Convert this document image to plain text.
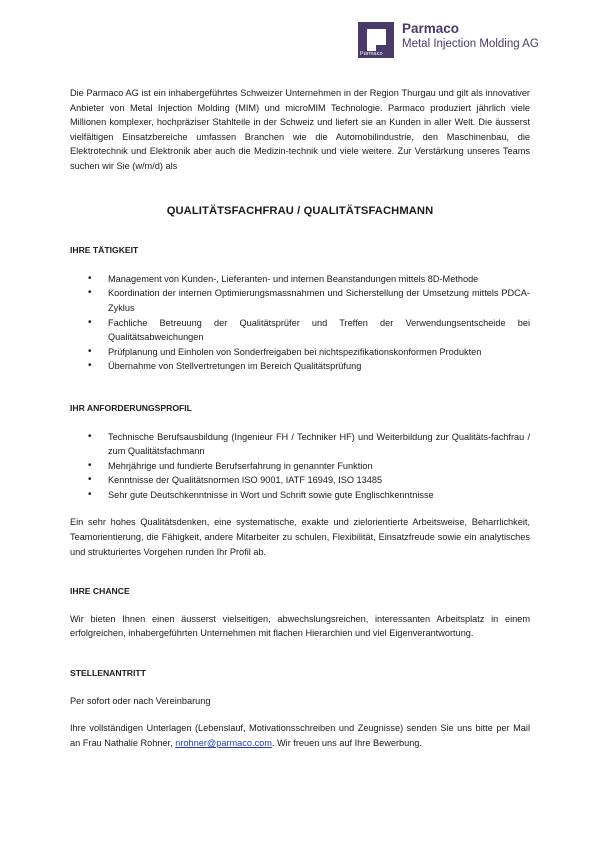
Parmaco
Parmaco
Metal Injection Molding AG

Die Parmaco AG ist ein inhabergeführtes Schweizer Unternehmen in der Region Thurgau und gilt als innovativer Anbieter von Metal Injection Molding (MIM) und microMIM Technologie. Parmaco produziert jährlich viele Millionen komplexer, hochpräziser Stahlteile in der Schweiz und liefert sie an Kunden in aller Welt. Die äusserst vielfältigen Einsatzbereiche umfassen Branchen wie die Automobilindustrie, den Maschinenbau, die Elektrotechnik und Elektronik aber auch die Medizin-technik und viele weitere. Zur Verstärkung unseres Teams suchen wir Sie (w/m/d) als

QUALITÄTSFACHFRAU / QUALITÄTSFACHMANN

IHRE TÄTIGKEIT

• Management von Kunden-, Lieferanten- und internen Beanstandungen mittels 8D-Methode
• Koordination der internen Optimierungsmassnahmen und Sicherstellung der Umsetzung mittels PDCA-Zyklus
• Fachliche Betreuung der Qualitätsprüfer und Treffen der Verwendungsentscheide bei Qualitätsabweichungen
• Prüfplanung und Einholen von Sonderfreigaben bei nichtspezifikationskonformen Produkten
• Übernahme von Stellvertretungen im Bereich Qualitätsprüfung

IHR ANFORDERUNGSPROFIL

• Technische Berufsausbildung (Ingenieur FH / Techniker HF) und Weiterbildung zur Qualitäts-fachfrau / zum Qualitätsfachmann
• Mehrjährige und fundierte Berufserfahrung in genannter Funktion
• Kenntnisse der Qualitätsnormen ISO 9001, IATF 16949, ISO 13485
• Sehr gute Deutschkenntnisse in Wort und Schrift sowie gute Englischkenntnisse

Ein sehr hohes Qualitätsdenken, eine systematische, exakte und zielorientierte Arbeitsweise, Beharrlichkeit, Teamorientierung, die Fähigkeit, andere Mitarbeiter zu schulen, Flexibilität, Einsatzfreude sowie ein analytisches und strukturiertes Vorgehen runden Ihr Profil ab.

IHRE CHANCE

Wir bieten Ihnen einen äusserst vielseitigen, abwechslungsreichen, interessanten Arbeitsplatz in einem erfolgreichen, inhabergeführten Unternehmen mit flachen Hierarchien und viel Eigenverantwortung.

STELLENANTRITT

Per sofort oder nach Vereinbarung

Ihre vollständigen Unterlagen (Lebenslauf, Motivationsschreiben und Zeugnisse) senden Sie uns bitte per Mail an Frau Nathalie Rohner, nrohner@parmaco.com. Wir freuen uns auf Ihre Bewerbung.
